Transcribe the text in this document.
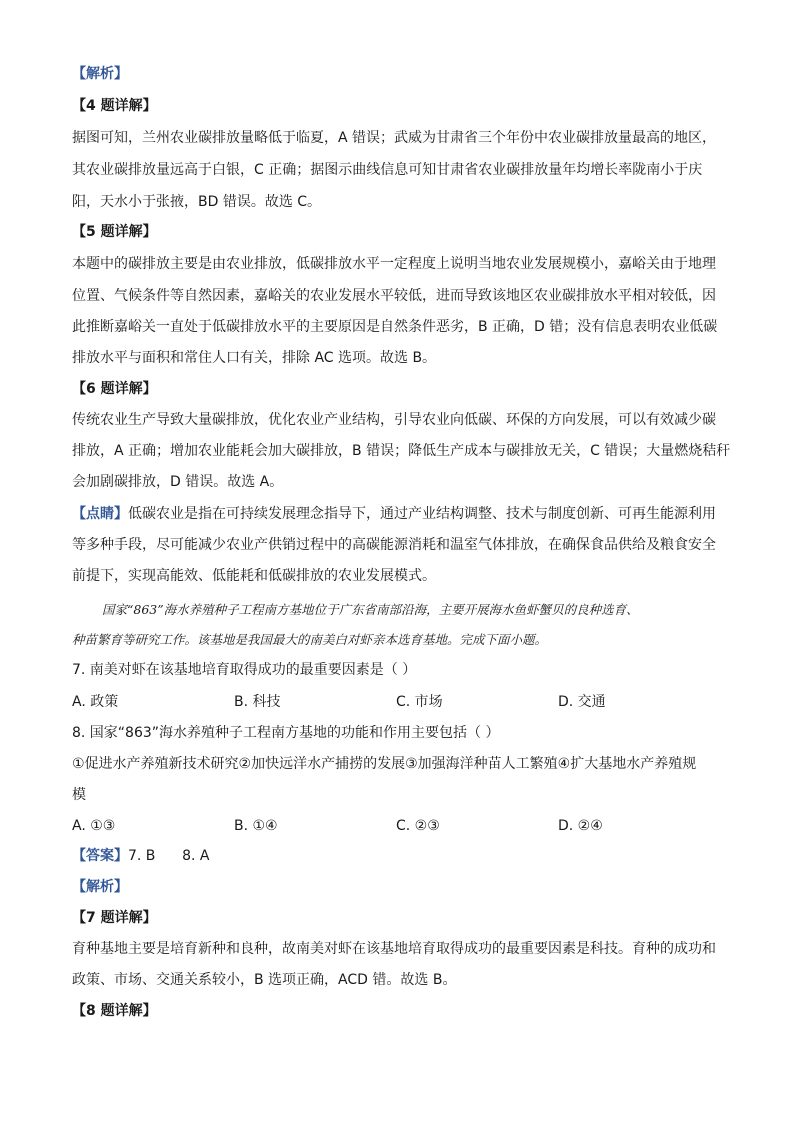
【解析】
【4 题详解】
据图可知，兰州农业碳排放量略低于临夏，A 错误；武威为甘肃省三个年份中农业碳排放量最高的地区，
其农业碳排放量远高于白银，C 正确；据图示曲线信息可知甘肃省农业碳排放量年均增长率陇南小于庆
阳，天水小于张掖，BD 错误。故选 C。
【5 题详解】
本题中的碳排放主要是由农业排放，低碳排放水平一定程度上说明当地农业发展规模小，嘉峪关由于地理
位置、气候条件等自然因素，嘉峪关的农业发展水平较低，进而导致该地区农业碳排放水平相对较低，因
此推断嘉峪关一直处于低碳排放水平的主要原因是自然条件恶劣，B 正确，D 错；没有信息表明农业低碳
排放水平与面积和常住人口有关，排除 AC 选项。故选 B。
【6 题详解】
传统农业生产导致大量碳排放，优化农业产业结构，引导农业向低碳、环保的方向发展，可以有效减少碳
排放，A 正确；增加农业能耗会加大碳排放，B 错误；降低生产成本与碳排放无关，C 错误；大量燃烧秸秆
会加剧碳排放，D 错误。故选 A。
【点睛】低碳农业是指在可持续发展理念指导下，通过产业结构调整、技术与制度创新、可再生能源利用
等多种手段，尽可能减少农业产供销过程中的高碳能源消耗和温室气体排放，在确保食品供给及粮食安全
前提下，实现高能效、低能耗和低碳排放的农业发展模式。
国家“863”海水养殖种子工程南方基地位于广东省南部沿海，主要开展海水鱼虾蟹贝的良种选育、
种苗繁育等研究工作。该基地是我国最大的南美白对虾亲本选育基地。完成下面小题。
7. 南美对虾在该基地培育取得成功的最重要因素是（ ）
A. 政策	B. 科技	C. 市场	D. 交通
8. 国家“863”海水养殖种子工程南方基地的功能和作用主要包括（ ）
①促进水产养殖新技术研究②加快远洋水产捕捞的发展③加强海洋种苗人工繁殖④扩大基地水产养殖规
模
A. ①③	B. ①④	C. ②③	D. ②④
【答案】7. B      8. A
【解析】
【7 题详解】
育种基地主要是培育新种和良种，故南美对虾在该基地培育取得成功的最重要因素是科技。育种的成功和
政策、市场、交通关系较小，B 选项正确，ACD 错。故选 B。
【8 题详解】
